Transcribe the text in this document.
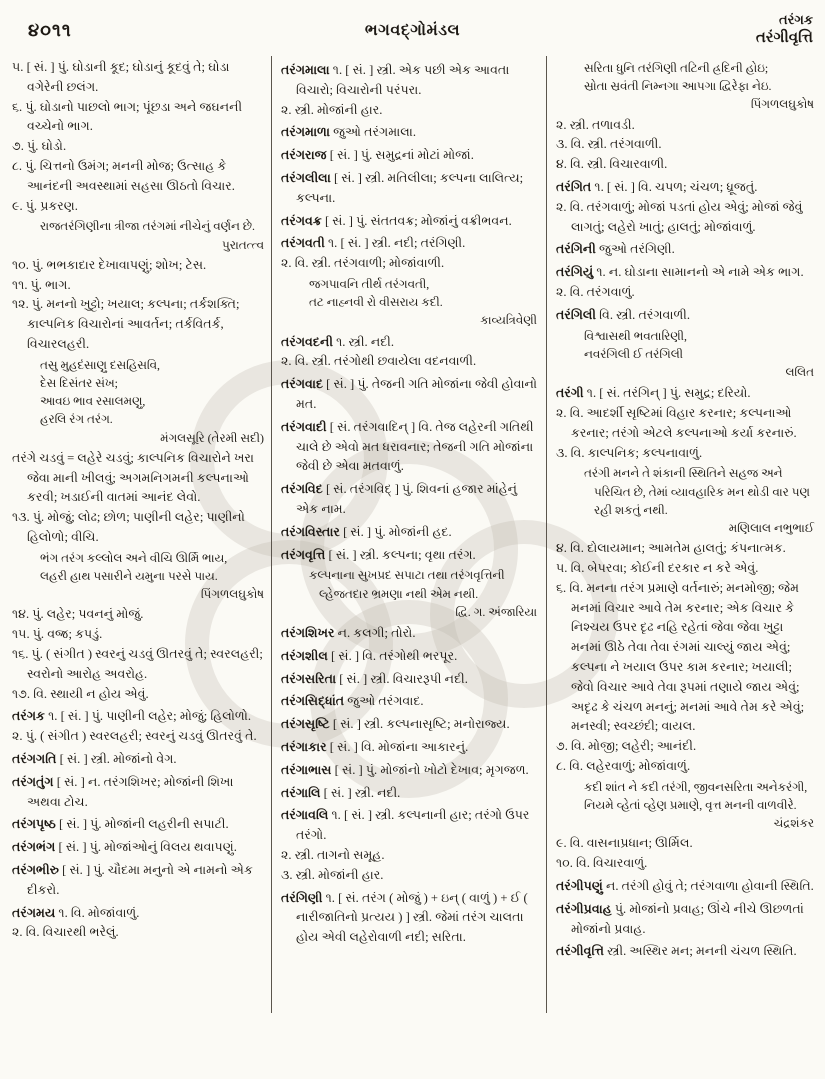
૪૦૧૧	ભગવદ્ગોમંડલ
તરંગક
તરંગીવૃત્તિ

૫. [ સં. ] પું. ઘોડાની કૂદ; ઘોડાનું કૂદવું તે; ઘોડા વગેરેની છલંગ.

૬. પું. ઘોડાનો પાછલો ભાગ; પૂંછડા અને જઘનની વચ્ચેનો ભાગ.

૭. પું. ઘોડો.

૮. પું. ચિત્તનો ઉમંગ; મનની મોજ; ઉત્સાહ કે આનંદની અવસ્થામાં સહસા ઊઠતો વિચાર.

૯. પું. પ્રકરણ.

રાજતરંગિણીના ત્રીજા તરંગમાં નીચેનું વર્ણન છે.
પુરાતત્ત્વ

૧૦. પું. ભભકાદાર દેખાવાપણું; શોખ; ટેસ.

૧૧. પું. ભાગ.

૧૨. પું. મનનો ખુટ્ટો; ખયાલ; કલ્પના; તર્કશક્તિ; કાલ્પનિક વિચારોનાં આવર્તન; તર્કવિતર્ક, વિચારલહરી.

તસુ મુહદંસાણુ દસહિસવિ,
દેસ દિસંતર સંખ;
આવઇ ભાવ રસાલમણુ,
હરલિ રંગ તરંગ.
મંગલસૂરિ (તેરમી સદી)

તરંગે ચડવું = લહેરે ચડવું; કાલ્પનિક વિચારોને ખરા જેવા માની ખીલવું; અગમનિગમની કલ્પનાઓ કરવી; ખડાઈની વાતમાં આનંદ લેવો.

૧૩. પું. મોજું; લોઢ; છોળ; પાણીની લહેર; પાણીનો હિલોળો; વીચિ.

ભંગ તરંગ કલ્લોલ અને વીચિ ઊર્મિ ભાય,
લહરી હાથ પસારીને યમુના પરસે પાય.
પિંગળલઘુકોષ

૧૪. પું. લહેર; પવનનું મોજું.

૧૫. પું. વજ્ર; કપડું.

૧૬. પું. ( સંગીત ) સ્વરનું ચડવું ઊતરવું તે; સ્વરલહરી; સ્વરોનો આરોહ અવરોહ.

૧૭. વિ. સ્થાયી ન હોય એવું.

તરંગક ૧. [ સં. ] પું. પાણીની લહેર; મોજું; હિલોળો.

૨. પું. ( સંગીત ) સ્વરલહરી; સ્વરનું ચડવું ઊતરવું તે.

તરંગગતિ [ સં. ] સ્ત્રી. મોજાંનો વેગ.

તરંગતુંગ [ સં. ] ન. તરંગશિખર; મોજાંની શિખા અથવા ટોચ.

તરંગપૃષ્ઠ [ સં. ] પું. મોજાંની લહરીની સપાટી.

તરંગભંગ [ સં. ] પું. મોજાંઓનું વિલય થવાપણું.

તરંગભીરુ [ સં. ] પું. ચૌદમા મનુનો એ નામનો એક દીકરો.

તરંગમય ૧. વિ. મોજાંવાળું.

૨. વિ. વિચારથી ભરેલું.

તરંગમાલા ૧. [ સં. ] સ્ત્રી. એક પછી એક આવતા વિચારો; વિચારોની પરંપરા.

૨. સ્ત્રી. મોજાંની હાર.

તરંગમાળા જુઓ તરંગમાલા.

તરંગરાજ [ સં. ] પું. સમુદ્રનાં મોટાં મોજાં.

તરંગલીલા [ સં. ] સ્ત્રી. મતિલીલા; કલ્પના લાલિત્ય; કલ્પના.

તરંગવક્ર [ સં. ] પું. સંતતવક્ર; મોજાંનું વક્રીભવન.

તરંગવતી ૧. [ સં. ] સ્ત્રી. નદી; તરંગિણી.

૨. વિ. સ્ત્રી. તરંગવાળી; મોજાંવાળી.

જગપાવનિ તીર્થ તરંગવતી,
તટ નાહ્નવી રો વીસરાય કદી.
કાવ્યત્રિવેણી

તરંગવદની ૧. સ્ત્રી. નદી.

૨. વિ. સ્ત્રી. તરંગોથી છવાયેલા વદનવાળી.

તરંગવાદ [ સં. ] પું. તેજની ગતિ મોજાંના જેવી હોવાનો મત.

તરંગવાદી [ સં. તરંગવાદિન્ ] વિ. તેજ લહેરની ગતિથી ચાલે છે એવો મત ધરાવનાર; તેજની ગતિ મોજાંના જેવી છે એવા મતવાળું.

તરંગવિદ [ સં. તરંગવિદ્ ] પું. શિવનાં હજાર માંહેનું એક નામ.

તરંગવિસ્તાર [ સં. ] પું. મોજાંની હદ.

તરંગવૃત્તિ [ સં. ] સ્ત્રી. કલ્પના; વૃથા તરંગ.

કલ્પનાના સુખપ્રદ સપાટા તથા તરંગવૃત્તિની લ્હેજતદાર ભ્રમણા નથી એમ નથી.
દ્વિ. ગ. અંજારિયા

તરંગશિખર ન. કલગી; તોરો.

તરંગશીલ [ સં. ] વિ. તરંગોથી ભરપૂર.

તરંગસરિતા [ સં. ] સ્ત્રી. વિચારરૂપી નદી.

તરંગસિદ્ધાંત જુઓ તરંગવાદ.

તરંગસૃષ્ટિ [ સં. ] સ્ત્રી. કલ્પનાસૃષ્ટિ; મનોરાજ્ય.

તરંગાકાર [ સં. ] વિ. મોજાંના આકારનું.

તરંગાભાસ [ સં. ] પું. મોજાંનો ખોટો દેખાવ; મૃગજળ.

તરંગાલિ [ સં. ] સ્ત્રી. નદી.

તરંગાવલિ ૧. [ સં. ] સ્ત્રી. કલ્પનાની હાર; તરંગો ઉપર તરંગો.

૨. સ્ત્રી. તાગનો સમૂહ.

૩. સ્ત્રી. મોજાંની હાર.

તરંગિણી ૧. [ સં. તરંગ ( મોજું ) + ઇન્ ( વાળું ) + ઈ ( નારીજાતિનો પ્રત્યય ) ] સ્ત્રી. જેમાં તરંગ ચાલતા હોય એવી લહેરોવાળી નદી; સરિતા.

સરિતા ધુનિ તરંગિણી તટિની હ્રદિની હોઇ;
સ્રોતા સ્રવંતી નિમ્નગા આપગા દ્વિરેફા નેઇ.
પિંગળલઘુકોષ

૨. સ્ત્રી. તળાવડી.

૩. વિ. સ્ત્રી. તરંગવાળી.

૪. વિ. સ્ત્રી. વિચારવાળી.

તરંગિત ૧. [ સં. ] વિ. ચપળ; ચંચળ; ધ્રૂજતું.

૨. વિ. તરંગવાળું; મોજાં પડતાં હોય એવું; મોજાં જેવું લાગતું; લહેરો ખાતું; હાલતું; મોજાંવાળું.

તરંગિની જુઓ તરંગિણી.

તરંગિયું ૧. ન. ઘોડાના સામાનનો એ નામે એક ભાગ.

૨. વિ. તરંગવાળું.

તરંગિલી વિ. સ્ત્રી. તરંગવાળી.

વિશ્વાસથી ભવતારિણી,
નવરંગિલી ઈ તરંગિલી
લલિત

તરંગી ૧. [ સં. તરંગિન્ ] પું. સમુદ્ર; દરિયો.

૨. વિ. આદર્શી સૃષ્ટિમાં વિહાર કરનાર; કલ્પનાઓ કરનાર; તરંગો એટલે કલ્પનાઓ કર્યા કરનારું.

૩. વિ. કાલ્પનિક; કલ્પનાવાળું.

તરંગી મનને તે શંકાની સ્થિતિને સહજ અને પરિચિત છે, તેમાં વ્યાવહારિક મન થોડી વાર પણ રહી શકતું નથી.
મણિલાલ નભુભાઈ

૪. વિ. દોલાયમાન; આમતેમ હાલતું; કંપનાત્મક.

૫. વિ. બેપરવા; કોઈની દરકાર ન કરે એવું.

૬. વિ. મનના તરંગ પ્રમાણે વર્તનારું; મનમોજી; જેમ મનમાં વિચાર આવે તેમ કરનાર; એક વિચાર કે નિશ્ચય ઉપર દૃઢ નહિ રહેતાં જેવા જેવા ખુટ્ટા મનમાં ઊઠે તેવા તેવા રંગમાં ચાલ્યું જાય એવું; કલ્પના ને ખયાલ ઉપર કામ કરનાર; ખયાલી; જેવો વિચાર આવે તેવા રૂપમાં તણાયે જાય એવું; અદૃઢ કે ચંચળ મનનું; મનમાં આવે તેમ કરે એવું; મનસ્વી; સ્વચ્છંદી; વાયલ.

૭. વિ. મોજી; લહેરી; આનંદી.

૮. વિ. લહેરવાળું; મોજાંવાળું.

કદી શાંત ને કદી તરંગી, જીવનસરિતા અનેકરંગી,
નિયમે વ્હેતાં વ્હેણ પ્રમાણે, વૃત્ત મનની વાળવીરે.
ચંદ્રશંકર

૯. વિ. વાસનાપ્રધાન; ઊર્મિલ.

૧૦. વિ. વિચારવાળું.

તરંગીપણું ન. તરંગી હોવું તે; તરંગવાળા હોવાની સ્થિતિ.

તરંગીપ્રવાહ પું. મોજાંનો પ્રવાહ; ઊંચે નીચે ઊછળતાં મોજાંનો પ્રવાહ.

તરંગીવૃત્તિ સ્ત્રી. અસ્થિર મન; મનની ચંચળ સ્થિતિ.
